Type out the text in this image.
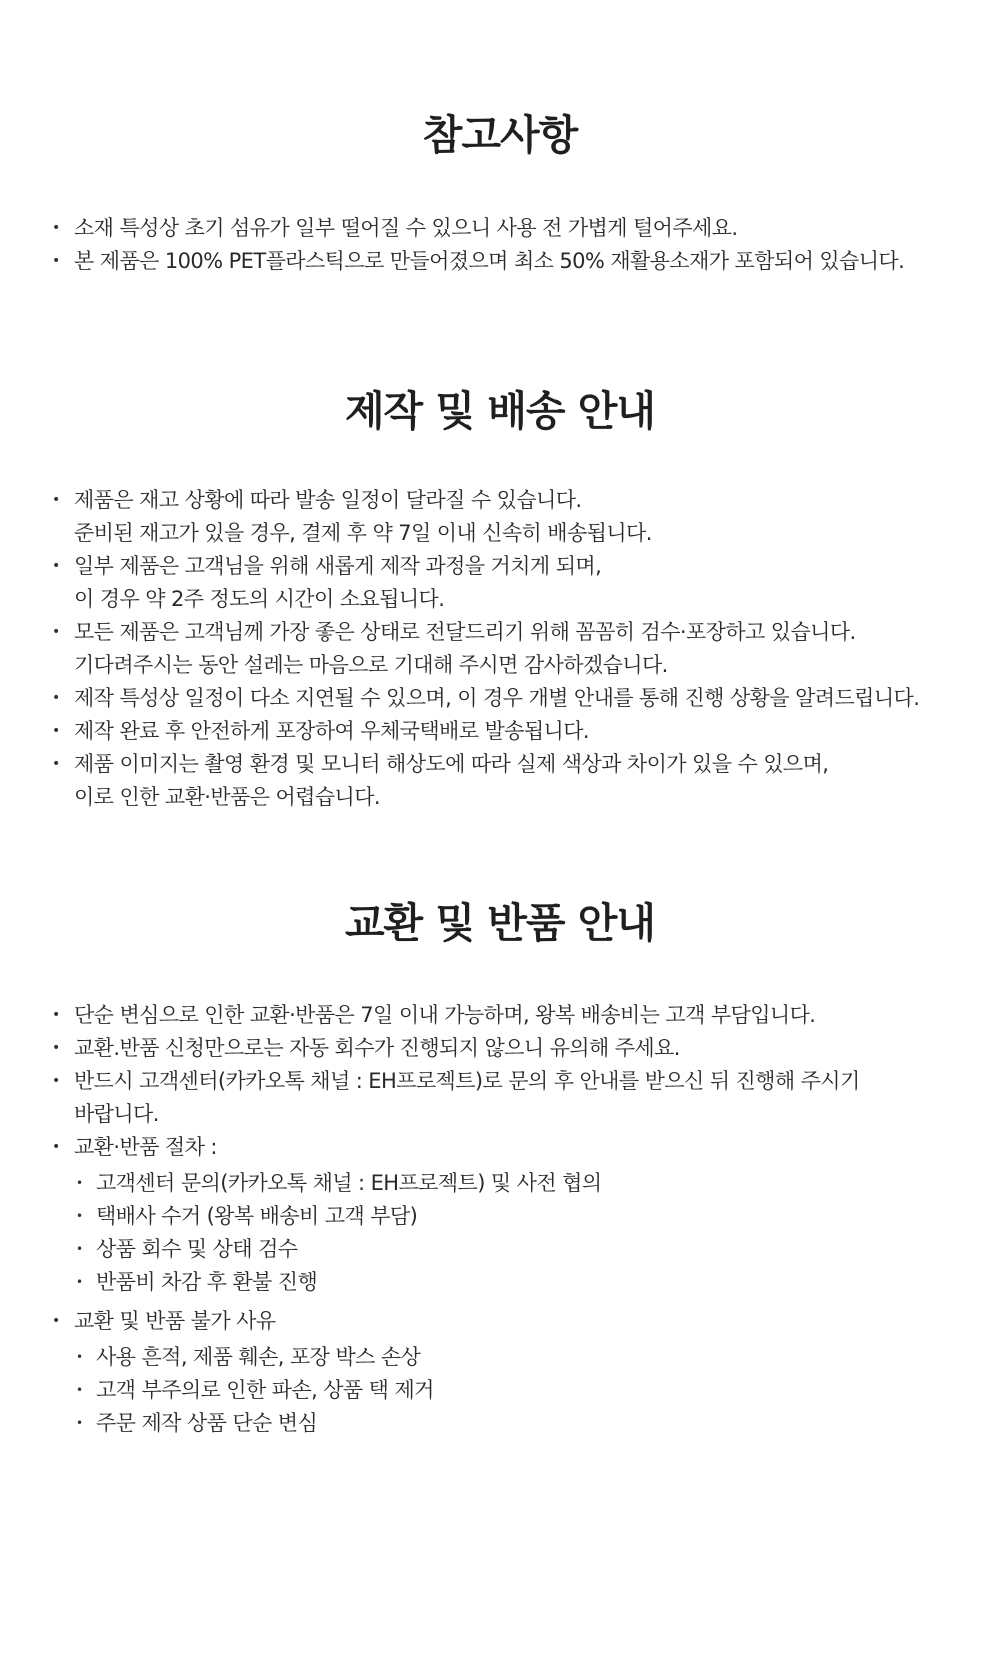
참고사항
• 소재 특성상 초기 섬유가 일부 떨어질 수 있으니 사용 전 가볍게 털어주세요.
• 본 제품은 100% PET플라스틱으로 만들어졌으며 최소 50% 재활용소재가 포함되어 있습니다.
제작 및 배송 안내
• 제품은 재고 상황에 따라 발송 일정이 달라질 수 있습니다.
준비된 재고가 있을 경우, 결제 후 약 7일 이내 신속히 배송됩니다.
• 일부 제품은 고객님을 위해 새롭게 제작 과정을 거치게 되며,
이 경우 약 2주 정도의 시간이 소요됩니다.
• 모든 제품은 고객님께 가장 좋은 상태로 전달드리기 위해 꼼꼼히 검수·포장하고 있습니다.
기다려주시는 동안 설레는 마음으로 기대해 주시면 감사하겠습니다.
• 제작 특성상 일정이 다소 지연될 수 있으며, 이 경우 개별 안내를 통해 진행 상황을 알려드립니다.
• 제작 완료 후 안전하게 포장하여 우체국택배로 발송됩니다.
• 제품 이미지는 촬영 환경 및 모니터 해상도에 따라 실제 색상과 차이가 있을 수 있으며,
이로 인한 교환·반품은 어렵습니다.
교환 및 반품 안내
• 단순 변심으로 인한 교환·반품은 7일 이내 가능하며, 왕복 배송비는 고객 부담입니다.
• 교환.반품 신청만으로는 자동 회수가 진행되지 않으니 유의해 주세요.
• 반드시 고객센터(카카오톡 채널 : EH프로젝트)로 문의 후 안내를 받으신 뒤 진행해 주시기
바랍니다.
• 교환·반품 절차 :
• 고객센터 문의(카카오톡 채널 : EH프로젝트) 및 사전 협의
• 택배사 수거 (왕복 배송비 고객 부담)
• 상품 회수 및 상태 검수
• 반품비 차감 후 환불 진행
• 교환 및 반품 불가 사유
• 사용 흔적, 제품 훼손, 포장 박스 손상
• 고객 부주의로 인한 파손, 상품 택 제거
• 주문 제작 상품 단순 변심
